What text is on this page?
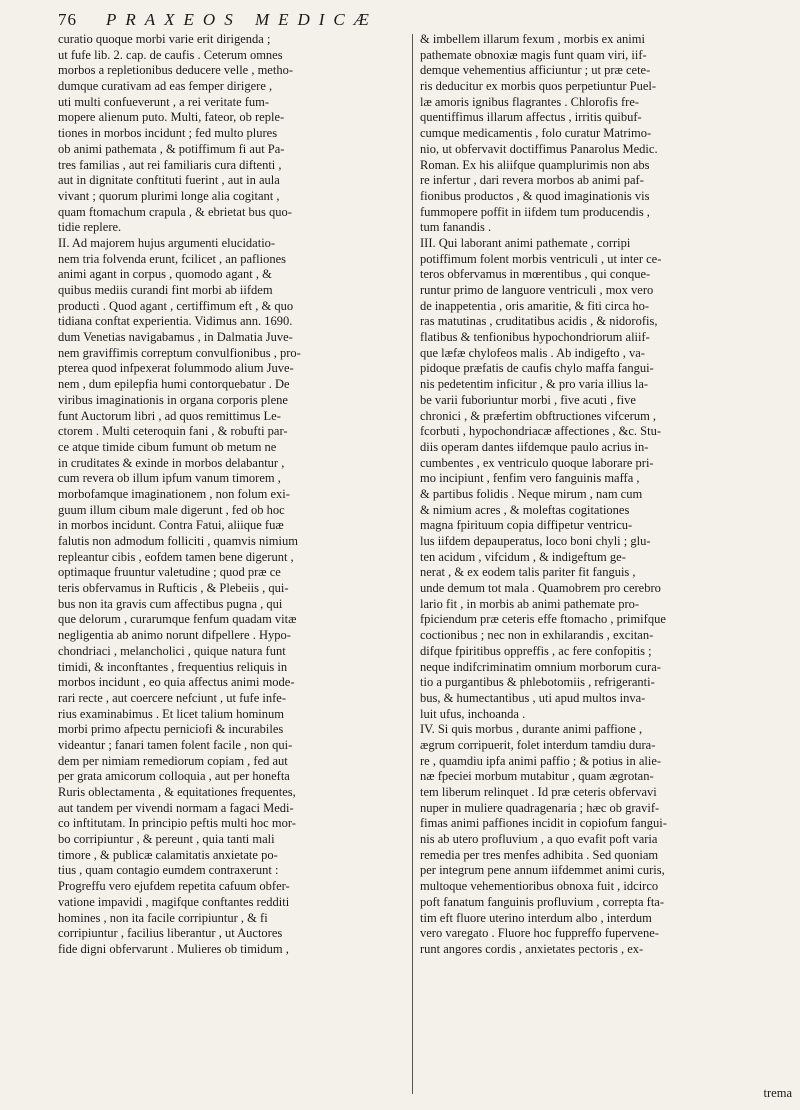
76 PRAXEOS MEDICÆ
curatio quoque morbi varie erit dirigenda ;
ut fufe lib. 2. cap. de caufis . Ceterum omnes
morbos a repletionibus deducere velle , metho-
dumque curativam ad eas femper dirigere ,
uti multi confueverunt , a rei veritate fum-
mopere alienum puto. Multi, fateor, ob reple-
tiones in morbos incidunt ; fed multo plures
ob animi pathemata , & potiffimum fi aut Pa-
tres familias , aut rei familiaris cura diftenti ,
aut in dignitate conftituti fuerint , aut in aula
vivant ; quorum plurimi longe alia cogitant ,
quam ftomachum crapula , & ebrietat bus quo-
tidie replere.
II. Ad majorem hujus argumenti elucidatio-
nem tria folvenda erunt, fcilicet , an pafliones
animi agant in corpus , quomodo agant , &
quibus mediis curandi fint morbi ab iifdem
producti . Quod agant , certiffimum eft , & quo
tidiana conftat experientia. Vidimus ann. 1690.
dum Venetias navigabamus , in Dalmatia Juve-
nem graviffimis correptum convulfionibus , pro-
pterea quod infpexerat folummodo alium Juve-
nem , dum epilepfia humi contorquebatur . De
viribus imaginationis in organa corporis plene
funt Auctorum libri , ad quos remittimus Le-
ctorem . Multi ceteroquin fani , & robufti par-
ce atque timide cibum fumunt ob metum ne
in cruditates & exinde in morbos delabantur ,
cum revera ob illum ipfum vanum timorem ,
morbofamque imaginationem , non folum exi-
guum illum cibum male digerunt , fed ob hoc
in morbos incidunt. Contra Fatui, aliique fuæ
falutis non admodum folliciti , quamvis nimium
repleantur cibis , eofdem tamen bene digerunt ,
optimaque fruuntur valetudine ; quod præ ce
teris obfervamus in Rufticis , & Plebeiis , qui-
bus non ita gravis cum affectibus pugna , qui
que delorum , curarumque fenfum quadam vitæ
negligentia ab animo norunt difpellere . Hypo-
chondriaci , melancholici , quique natura funt
timidi, & inconftantes , frequentius reliquis in
morbos incidunt , eo quia affectus animi mode-
rari recte , aut coercere nefciunt , ut fufe infe-
rius examinabimus . Et licet talium hominum
morbi primo afpectu perniciofi & incurabiles
videantur ; fanari tamen folent facile , non qui-
dem per nimiam remediorum copiam , fed aut
per grata amicorum colloquia , aut per honefta
Ruris oblectamenta , & equitationes frequentes,
aut tandem per vivendi normam a fagaci Medi-
co inftitutam. In principio peftis multi hoc mor-
bo corripiuntur , & pereunt , quia tanti mali
timore , & publicæ calamitatis anxietate po-
tius , quam contagio eumdem contraxerunt :
Progreffu vero ejufdem repetita cafuum obfer-
vatione impavidi , magifque conftantes redditi
homines , non ita facile corripiuntur , & fi
corripiuntur , facilius liberantur , ut Auctores
fide digni obfervarunt . Mulieres ob timidum ,
& imbellem illarum fexum , morbis ex animi
pathemate obnoxiæ magis funt quam viri, iif-
demque vehementius afficiuntur ; ut præ cete-
ris deducitur ex morbis quos perpetiuntur Puel-
læ amoris ignibus flagrantes . Chlorofis fre-
quentiffimus illarum affectus , irritis quibuf-
cumque medicamentis , folo curatur Matrimo-
nio, ut obfervavit doctiffimus Panarolus Medic.
Roman. Ex his aliifque quamplurimis non abs
re infertur , dari revera morbos ab animi paf-
fionibus productos , & quod imaginationis vis
fummopere poffit in iifdem tum producendis ,
tum fanandis .
III. Qui laborant animi pathemate , corripi
potiffimum folent morbis ventriculi , ut inter ce-
teros obfervamus in mœrentibus , qui conque-
runtur primo de languore ventriculi , mox vero
de inappetentia , oris amaritie, & fiti circa ho-
ras matutinas , cruditatibus acidis , & nidorofis,
flatibus & tenfionibus hypochondriorum aliif-
que læfæ chylofeos malis . Ab indigefto , va-
pidoque præfatis de caufis chylo maffa fangui-
nis pedetentim inficitur , & pro varia illius la-
be varii fuboriuntur morbi , five acuti , five
chronici , & præfertim obftructiones vifcerum ,
fcorbuti , hypochondriacæ affectiones , &c. Stu-
diis operam dantes iifdemque paulo acrius in-
cumbentes , ex ventriculo quoque laborare pri-
mo incipiunt , fenfim vero fanguinis maffa ,
& partibus folidis . Neque mirum , nam cum
& nimium acres , & moleftas cogitationes
magna fpirituum copia diffipetur ventricu-
lus iifdem depauperatus, loco boni chyli ; glu-
ten acidum , vifcidum , & indigeftum ge-
nerat , & ex eodem talis pariter fit fanguis ,
unde demum tot mala . Quamobrem pro cerebro
lario fit , in morbis ab animi pathemate pro-
fpiciendum præ ceteris effe ftomacho , primifque
coctionibus ; nec non in exhilarandis , excitan-
difque fpiritibus oppreffis , ac fere confopitis ;
neque indifcriminatim omnium morborum cura-
tio a purgantibus & phlebotomiis , refrigeranti-
bus, & humectantibus , uti apud multos inva-
luit ufus, inchoanda .
IV. Si quis morbus , durante animi paffione ,
ægrum corripuerit, folet interdum tamdiu dura-
re , quamdiu ipfa animi paffio ; & potius in alie-
næ fpeciei morbum mutabitur , quam ægrotan-
tem liberum relinquet . Id præ ceteris obfervavi
nuper in muliere quadragenaria ; hæc ob gravif-
fimas animi paffiones incidit in copiofum fangui-
nis ab utero profluvium , a quo evafit poft varia
remedia per tres menfes adhibita . Sed quoniam
per integrum pene annum iifdemmet animi curis,
multoque vehementioribus obnoxa fuit , idcirco
poft fanatum fanguinis profluvium , correpta fta-
tim eft fluore uterino interdum albo , interdum
vero varegato . Fluore hoc fuppreffo fupervene-
runt angores cordis , anxietates pectoris , ex-
trema
